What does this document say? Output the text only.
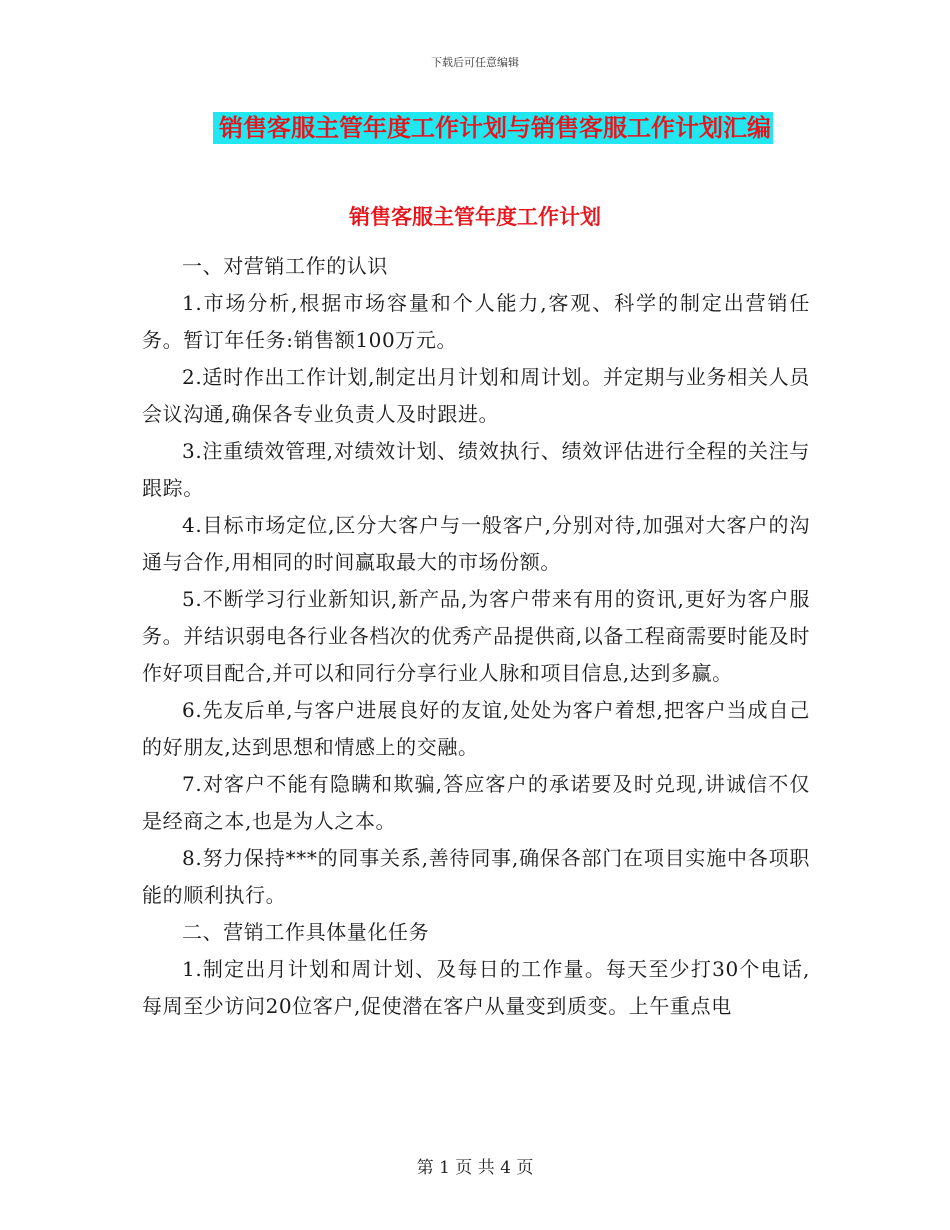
下载后可任意编辑
销售客服主管年度工作计划与销售客服工作计划汇编
销售客服主管年度工作计划

一、对营销工作的认识

1.市场分析,根据市场容量和个人能力,客观、科学的制定出营销任务。暂订年任务:销售额100万元。

2.适时作出工作计划,制定出月计划和周计划。并定期与业务相关人员会议沟通,确保各专业负责人及时跟进。

3.注重绩效管理,对绩效计划、绩效执行、绩效评估进行全程的关注与跟踪。

4.目标市场定位,区分大客户与一般客户,分别对待,加强对大客户的沟通与合作,用相同的时间赢取最大的市场份额。

5.不断学习行业新知识,新产品,为客户带来有用的资讯,更好为客户服务。并结识弱电各行业各档次的优秀产品提供商,以备工程商需要时能及时作好项目配合,并可以和同行分享行业人脉和项目信息,达到多赢。

6.先友后单,与客户进展良好的友谊,处处为客户着想,把客户当成自己的好朋友,达到思想和情感上的交融。

7.对客户不能有隐瞒和欺骗,答应客户的承诺要及时兑现,讲诚信不仅是经商之本,也是为人之本。

8.努力保持***的同事关系,善待同事,确保各部门在项目实施中各项职能的顺利执行。

二、营销工作具体量化任务

1.制定出月计划和周计划、及每日的工作量。每天至少打30个电话,每周至少访问20位客户,促使潜在客户从量变到质变。上午重点电

第 1 页 共 4 页
